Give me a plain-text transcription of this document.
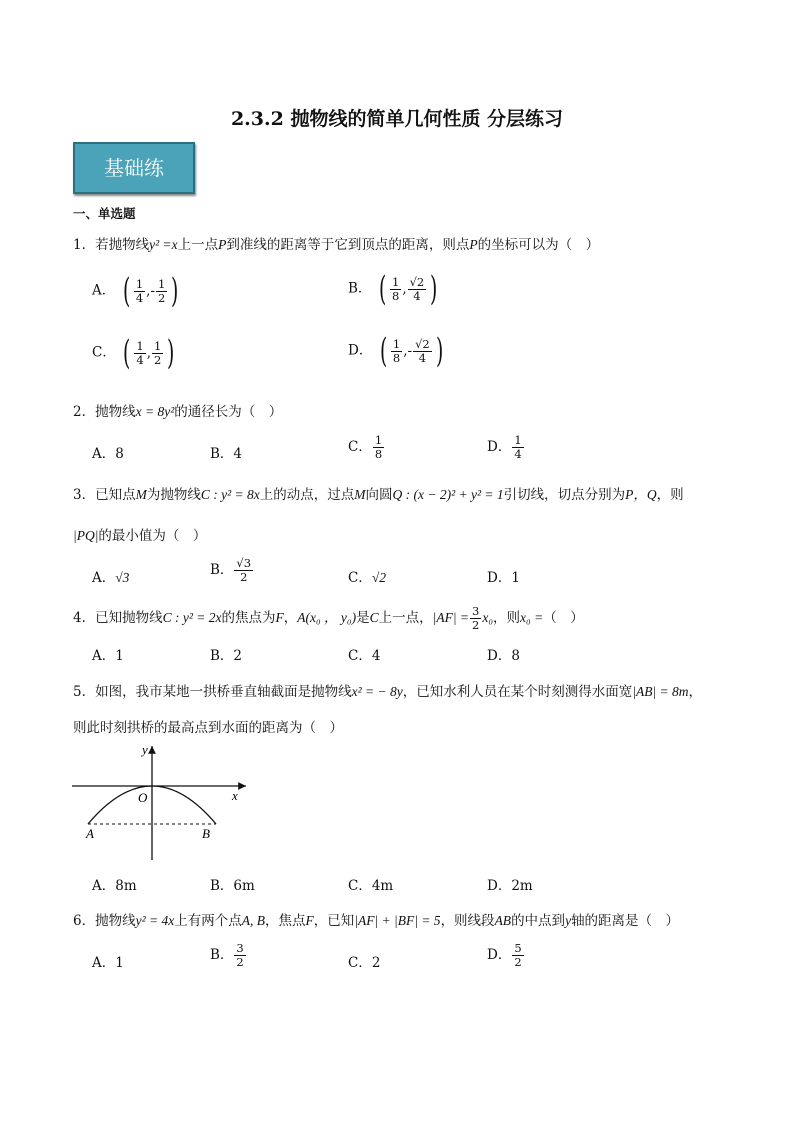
2.3.2 抛物线的简单几何性质 分层练习
基础练
一、单选题
1．若抛物线y² =x上一点P到准线的距离等于它到顶点的距离，则点P的坐标可以为（　）
A． ( $\frac{1}{4}$ ,- $\frac{1}{2}$ )	B． ( $\frac{1}{8}$ , $\frac{√2}{4}$ )
C． ( $\frac{1}{4}$ , $\frac{1}{2}$ )	D． ( $\frac{1}{8}$ ,- $\frac{√2}{4}$ )
2．抛物线x = 8y²的通径长为（　）
A．8	B．4	C． $\frac{1}{8}$	D． $\frac{1}{4}$
3．已知点M为抛物线C : y² = 8x上的动点，过点M向圆Q : (x − 2)² + y² = 1引切线，切点分别为P，Q，则
|PQ|的最小值为（　）
A．√3	B． $\frac{√3}{2}$	C．√2	D．1
4．已知抛物线C : y² = 2x的焦点为F，A(x₀ ， y₀)是C上一点，$|AF| = \frac{3}{2} x_0$，则x₀ =（　）
A．1	B．2	C．4	D．8
5．如图，我市某地一拱桥垂直轴截面是抛物线x² = − 8y，已知水利人员在某个时刻测得水面宽|AB| = 8m，
则此时刻拱桥的最高点到水面的距离为（　）
y
x
O
A	B
A．8m	B．6m	C．4m	D．2m
6．抛物线y² = 4x上有两个点A, B，焦点F，已知|AF| + |BF| = 5，则线段AB的中点到y轴的距离是（　）
A．1	B． $\frac{3}{2}$	C．2	D． $\frac{5}{2}$
